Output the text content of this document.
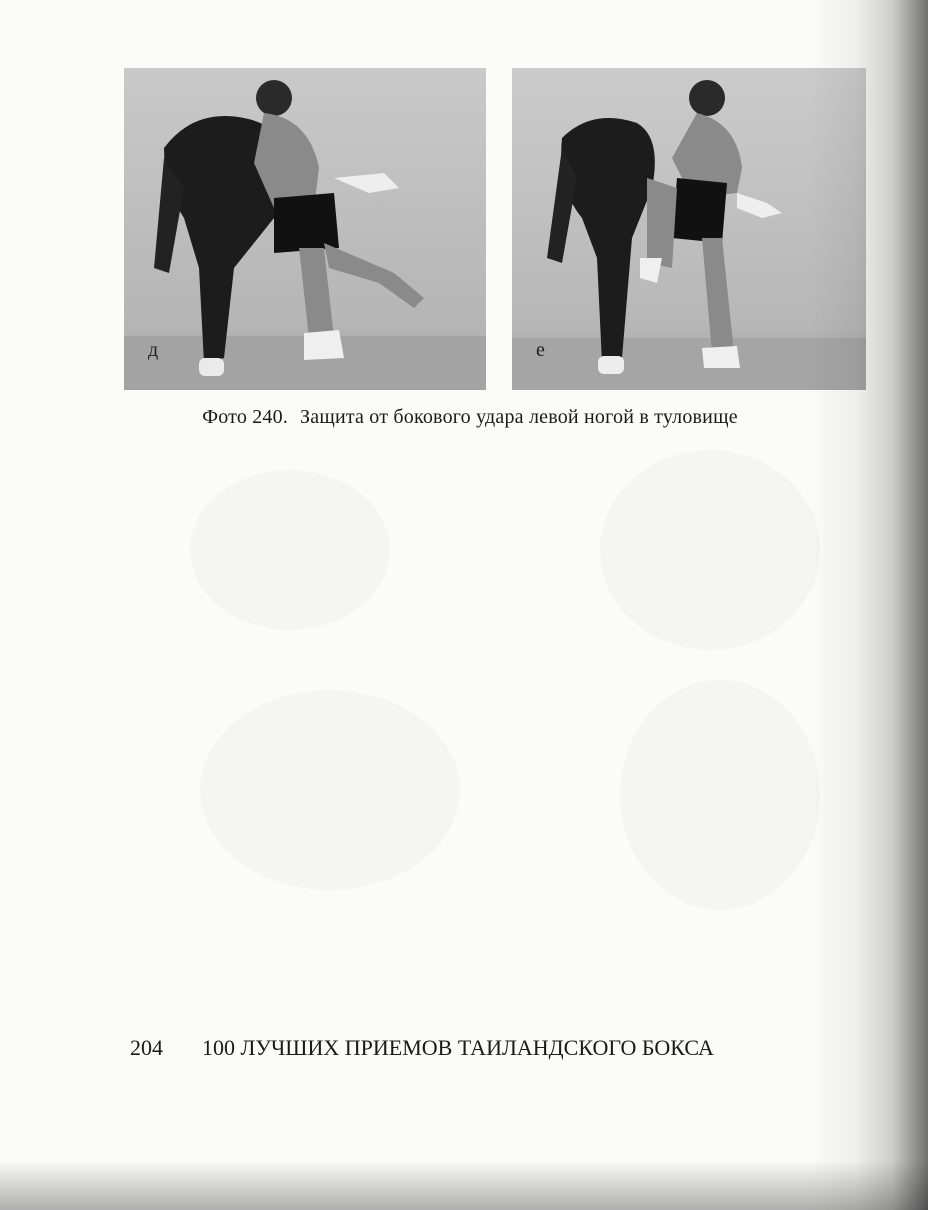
д	е
Фото 240. Защита от бокового удара левой ногой в туловище
204 100 ЛУЧШИХ ПРИЕМОВ ТАИЛАНДСКОГО БОКСА
